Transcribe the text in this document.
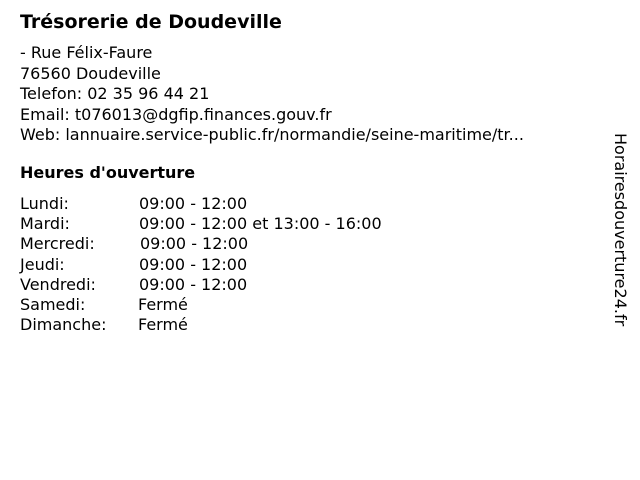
Trésorerie de Doudeville
- Rue Félix-Faure
76560 Doudeville
Telefon: 02 35 96 44 21
Email: t076013@dgfip.finances.gouv.fr
Web: lannuaire.service-public.fr/normandie/seine-maritime/tr...
Heures d'ouverture
Lundi:	09:00 - 12:00
Mardi:	09:00 - 12:00 et 13:00 - 16:00
Mercredi:	09:00 - 12:00
Jeudi:	09:00 - 12:00
Vendredi:	09:00 - 12:00
Samedi:	Fermé
Dimanche: Fermé	Horairesdouverture24.fr
